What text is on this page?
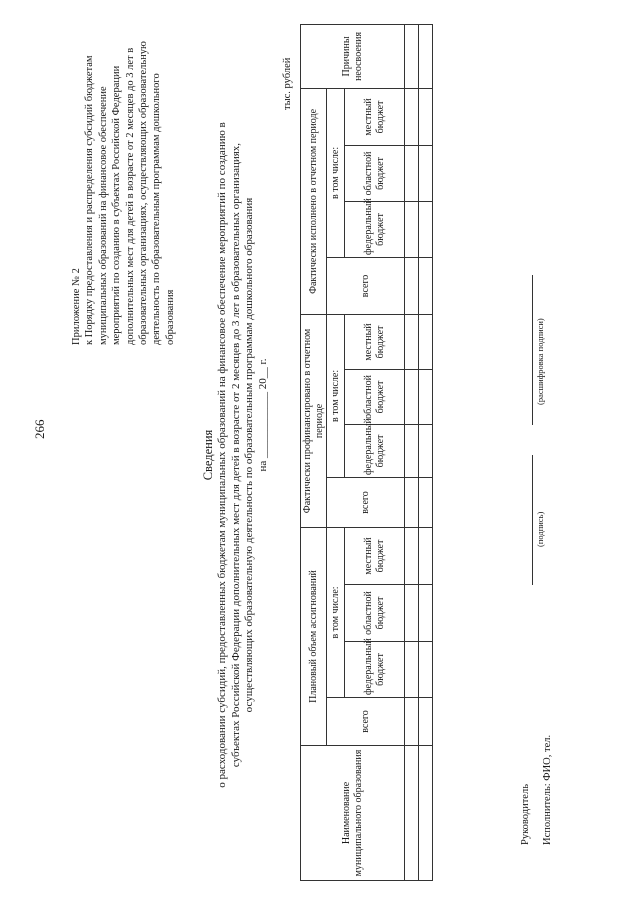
266
Приложение № 2 к Порядку предоставления и распределения субсидий бюджетам муниципальных образований на финансовое обеспечение мероприятий по созданию в субъектах Российской Федерации дополнительных мест для детей в возрасте от 2 месяцев до 3 лет в образовательных организациях, осуществляющих образовательную деятельность по образовательным программам дошкольного образования
Сведения о расходовании субсидий, предоставленных бюджетам муниципальных образований на финансовое обеспечение мероприятий по созданию в субъектах Российской Федерации дополнительных мест для детей в возрасте от 2 месяцев до 3 лет в образовательных организациях, осуществляющих образовательную деятельность по образовательным программам дошкольного образования на ____________ 20__ г.
тыс. рублей
Наименование муниципального образования	Плановый объем ассигнований				Фактически профинансировано в отчетном периоде				Фактически исполнено в отчетном периоде				Причины неосвоения
	всего	в том числе:			всего	в том числе:			всего	в том числе:			
		федеральный бюджет	областной бюджет	местный бюджет		федеральный бюджет	областной бюджет	местный бюджет		федеральный бюджет	областной бюджет	местный бюджет	

Руководитель
(подпись)
(расшифровка подписи)
Исполнитель: ФИО, тел.
